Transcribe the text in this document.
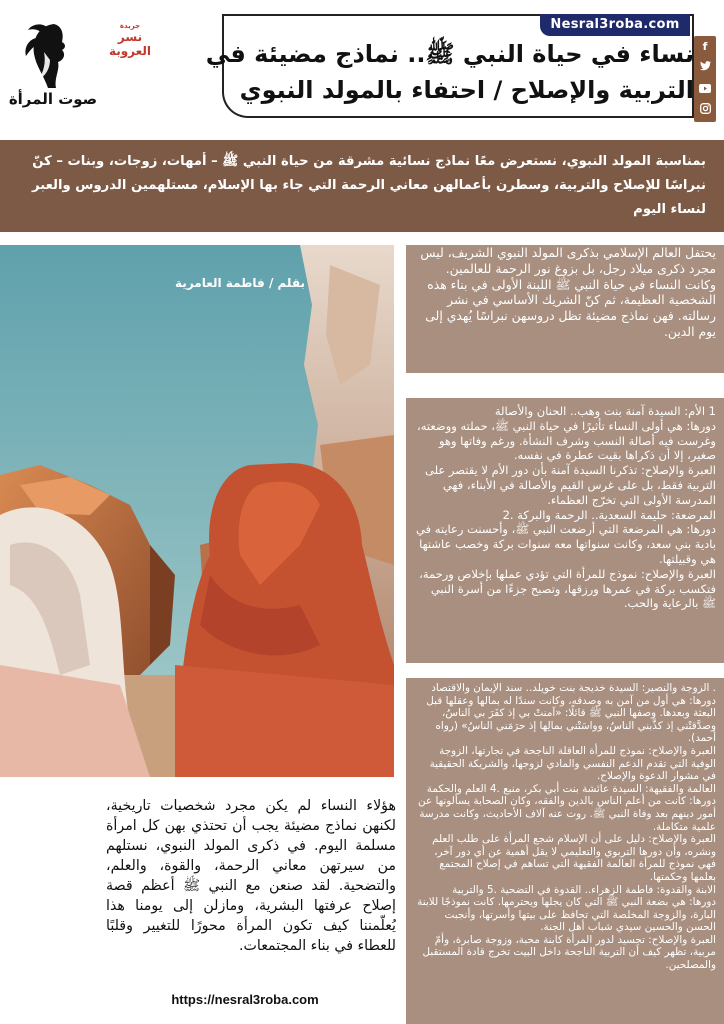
Nesral3roba.com
صوت المرأة
جريدة
نسر العروبة	نساء في حياة النبي ﷺ.. نماذج مضيئة في التربية والإصلاح / احتفاء بالمولد النبوي
f
بمناسبة المولد النبوي، نستعرض معًا نماذج نسائية مشرقة من حياة النبي ﷺ – أمهات، زوجات، وبنات – كنّ نبراسًا للإصلاح والتربية، وسطرن بأعمالهن معاني الرحمة التي جاء بها الإسلام، مستلهمين الدروس والعبر لنساء اليوم
بقلم / فاطمة العامرية
يحتفل العالم الإسلامي بذكرى المولد النبوي الشريف، ليس مجرد ذكرى ميلاد رجل، بل بزوغ نور الرحمة للعالمين. وكانت النساء في حياة النبي ﷺ اللبنة الأولى في بناء هذه الشخصية العظيمة، ثم كنّ الشريك الأساسي في نشر رسالته. فهن نماذج مضيئة تظل دروسهن نبراسًا يُهدي إلى يوم الدين.
1 الأم: السيدة آمنة بنت وهب.. الحنان والأصالة
دورها: هي أولى النساء تأثيرًا في حياة النبي ﷺ، حملته ووضعته، وغرست فيه أصالة النسب وشرف النشأة. ورغم وفاتها وهو صغير، إلا أن ذكراها بقيت عطرة في نفسه.
العبرة والإصلاح: تذكرنا السيدة آمنة بأن دور الأم لا يقتصر على التربية فقط، بل على غرس القيم والأصالة في الأبناء، فهي المدرسة الأولى التي تخرّج العظماء.
المرضعة: حليمة السعدية.. الرحمة والبركة .2
دورها: هي المرضعة التي أرضعت النبي ﷺ، وأحسنت رعايته في بادية بني سعد، وكانت سنواتها معه سنوات بركة وخصب عاشتها هي وقبيلتها.
العبرة والإصلاح: نموذج للمرأة التي تؤدي عملها بإخلاص ورحمة، فتكسب بركة في عمرها ورزقها، وتصبح جزءًا من أسرة النبي ﷺ بالرعاية والحب.
. الزوجة والنصير: السيدة خديجة بنت خويلد.. سند الإيمان والاقتصاد
دورها: هي أول من آمن به وصدقه، وكانت سندًا له بمالها وعقلها قبل البعثة وبعدها. وصفها النبي ﷺ قائلًا: «آمنتْ بي إذ كفَرَ بي الناسُ، وصدَّقتْني إذ كذَّبني الناسُ، وواسَتْني بمالِها إذ حرَمَني الناسُ» (رواه أحمد).
العبرة والإصلاح: نموذج للمرأة العاقلة الناجحة في تجارتها، الزوجة الوفية التي تقدم الدعم النفسي والمادي لزوجها، والشريكة الحقيقية في مشوار الدعوة والإصلاح.
العالمة والفقيهة: السيدة عائشة بنت أبي بكر، منبع .4 العلم والحكمة
دورها: كانت من أعلم الناس بالدين والفقه، وكان الصحابة يسألونها عن أمور دينهم بعد وفاة النبي ﷺ. روت عنه آلاف الأحاديث، وكانت مدرسة علمية متكاملة.
العبرة والإصلاح: دليل على أن الإسلام شجع المرأة على طلب العلم ونشره، وأن دورها التربوي والتعليمي لا يقل أهمية عن أي دور آخر، فهي نموذج للمرأة العالمة الفقيهة التي تساهم في إصلاح المجتمع بعلمها وحكمتها.
الابنة والقدوة: فاطمة الزهراء.. القدوة في التضحية .5 والتربية
دورها: هي بضعة النبي ﷺ التي كان يجلها ويحترمها. كانت نموذجًا للابنة البارة، والزوجة المخلصة التي تحافظ على بيتها وأسرتها، وأنجبت الحسن والحسين سيدي شباب أهل الجنة.
العبرة والإصلاح: تجسيد لدور المرأة كابنة محبة، وزوجة صابرة، وأمّ مربية، تظهر كيف أن التربية الناجحة داخل البيت تخرج قادة المستقبل والمصلحين.
هؤلاء النساء لم يكن مجرد شخصيات تاريخية، لكنهن نماذج مضيئة يجب أن تحتذي بهن كل امرأة مسلمة اليوم. في ذكرى المولد النبوي، نستلهم من سيرتهن معاني الرحمة، والقوة، والعلم، والتضحية. لقد صنعن مع النبي ﷺ أعظم قصة إصلاح عرفتها البشرية، ومازلن إلى يومنا هذا يُعلّمننا كيف تكون المرأة محورًا للتغيير وقلبًا للعطاء في بناء المجتمعات.
https://nesral3roba.com
